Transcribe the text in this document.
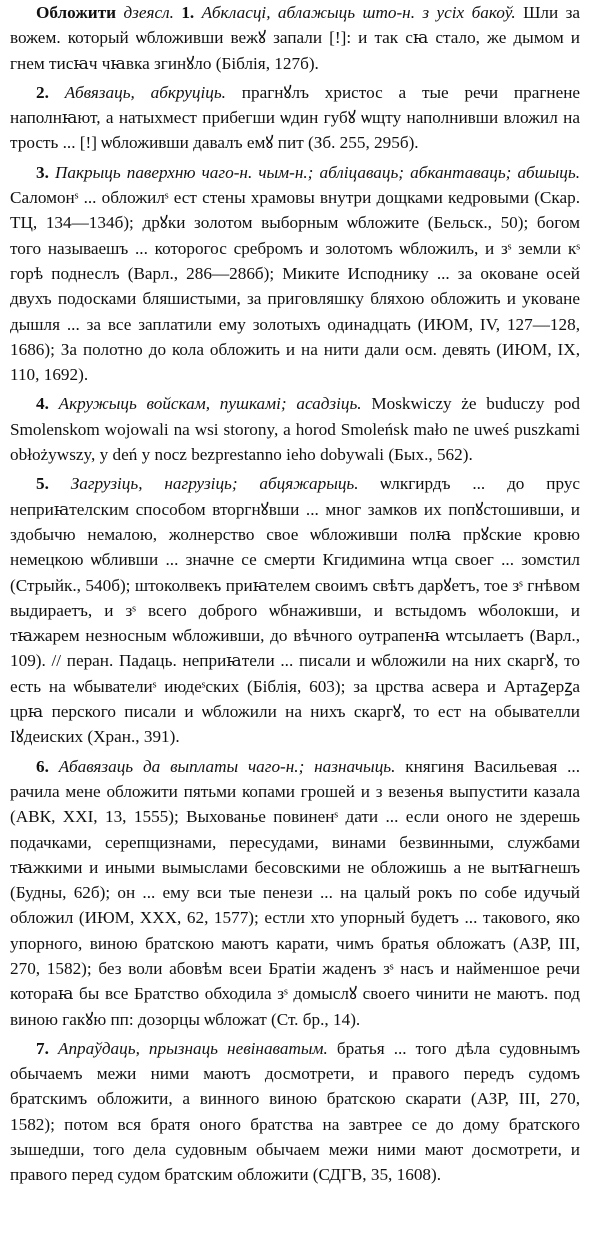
Обложити дзеясл. 1. Абкласці, аблажыць што-н. з усіх бакоў. Шли за вожем. который ѡбложивши вежꙋ запали [!]: и так сꙗ стало, же дымом и гнем тисꙗч чꙗвка згинꙋло (Біблія, 127б).

2. Абвязаць, абкруціць. прагнꙋлъ христос а тые речи прагнене наполнꙗют, а натыхмест прибегши ѡдин губꙋ ѡщту наполнивши вложил на трость ... [!] ѡбложивши давалъ емꙋ пит (Зб. 255, 295б).

3. Пакрыць паверхню чаго-н. чым-н.; абліцаваць; абкантаваць; абшыць. Саломонˢ ... обложилˢ ест стены храмовы внутри дощками кедровыми (Скар. ТЦ, 134—134б); дрꙋки золотом выборным ѡбложите (Бельск., 50); богом того называешъ ... которогос сребромъ и золотомъ ѡбложилъ, и зˢ земли кˢ горѣ поднеслъ (Варл., 286—286б); Микитe Исподнику ... за окoване осей двухъ подосками бляшистыми, за приговляшку бляхою обложить и укoване дышля ... за все заплатили ему золотыхъ одинадцать (ИЮМ, IV, 127—128, 1686); За полотно до кола обложить и на нити дали осм. девять (ИЮМ, IX, 110, 1692).

4. Акружыць войскам, пушкамі; асадзіць. Moskwiczy że buduczy pod Smolenskom wojowali na wsi storony, a horod Smoleńsk mało ne uweś puszkami obłożywszy, y deń y nocz bezprestanno ieho dobywali (Бых., 562).

5. Загрузіць, нагрузіць; абцяжарыць. ѡлкгирдъ ... до прус неприꙗтелским способом вторгнꙋвши ... мног замков их попꙋстошивши, и здобычю немалою, жолнерство свое ѡбложивши полꙗ прꙋские кровю немецкою ѡбливши ... значне се смерти Кгидимина ѡтца своег ... зомстил (Стрыйк., 540б); штоколвекъ приꙗтелем своимъ свѣтъ дарꙋетъ, тое зˢ гнѣвом выдираетъ, и зˢ всего доброго ѡбнаживши, и встыдомъ ѡболокши, и тꙗжарем незносным ѡбложивши, до вѣчного оутрапенꙗ ѡтсылаетъ (Варл., 109). // перан. Падаць. неприꙗтели ... писали и ѡбложили на них скаргꙋ, то есть на ѡбывателиˢ июдеˢских (Біблія, 603); за црства асвера и Артаꙁерꙁа црꙗ перского писали и ѡбложили на нихъ скаргꙋ, то ест на обывателли Іꙋдеиских (Хран., 391).

6. Абавязаць да выплаты чаго-н.; назначыць. княгиня Васильевая ... рачила мене обложити пятьми копами грошей и з везенья выпустити казала (АВК, XXI, 13, 1555); Выхованье повиненˢ дати ... если оного не здерешь подачками, серепщизнами, пересудами, винами безвинными, службами тꙗжкими и иными вымыслами бесовскими не обложишь а не вытꙗгнешъ (Будны, 62б); он ... ему вси тые пенези ... на цалый рокъ по собе идучый обложил (ИЮМ, XXX, 62, 1577); естли хто упорный будетъ ... такового, яко упорного, виною братскою маютъ карати, чимъ братья обложатъ (АЗР, III, 270, 1582); без воли абовѣм всеи Братіи жаденъ зˢ насъ и найменшое речи котораꙗ бы все Братство обходила зˢ домыслꙋ своего чинити не маютъ. под виною гакꙋю пп: дозорцы ѡбложат (Ст. бр., 14).

7. Апраўдаць, прызнаць невінаватым. братья ... того дѣла судовнымъ обычаемъ межи ними маютъ досмотрети, и правого передъ судомъ братскимъ обложити, а винного виною братскою скарати (АЗР, III, 270, 1582); потом вся братя оного братства на завтрее се до дому братского зышедши, того дела судовным обычаем межи ними мают досмотрети, и правого перед судом братским обложити (СДГВ, 35, 1608).
